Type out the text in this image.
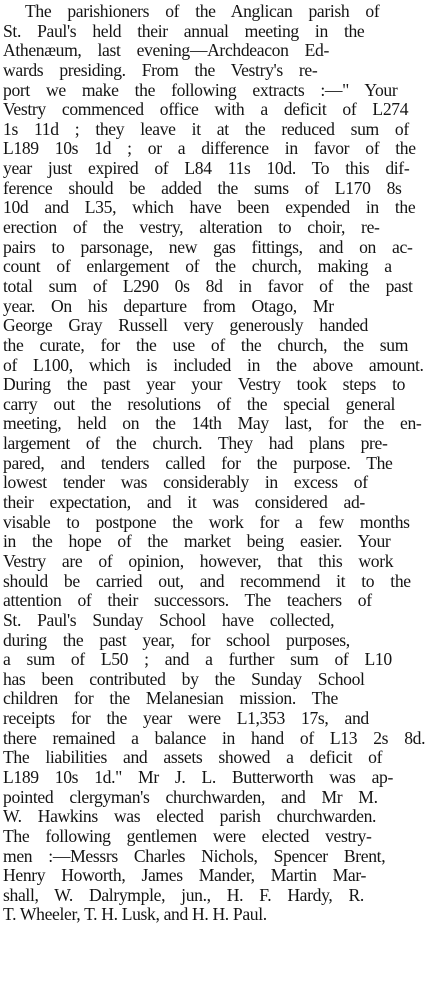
The parishioners of the Anglican parish of
St. Paul's held their annual meeting in the
Athenæum, last evening—Archdeacon Ed-
wards presiding. From the Vestry's re-
port we make the following extracts :—" Your
Vestry commenced office with a deficit of L274
1s 11d ; they leave it at the reduced sum of
L189 10s 1d ; or a difference in favor of the
year just expired of L84 11s 10d. To this dif-
ference should be added the sums of L170 8s
10d and L35, which have been expended in the
erection of the vestry, alteration to choir, re-
pairs to parsonage, new gas fittings, and on ac-
count of enlargement of the church, making a
total sum of L290 0s 8d in favor of the past
year. On his departure from Otago, Mr
George Gray Russell very generously handed
the curate, for the use of the church, the sum
of L100, which is included in the above amount.
During the past year your Vestry took steps to
carry out the resolutions of the special general
meeting, held on the 14th May last, for the en-
largement of the church. They had plans pre-
pared, and tenders called for the purpose. The
lowest tender was considerably in excess of
their expectation, and it was considered ad-
visable to postpone the work for a few months
in the hope of the market being easier. Your
Vestry are of opinion, however, that this work
should be carried out, and recommend it to the
attention of their successors. The teachers of
St. Paul's Sunday School have collected,
during the past year, for school purposes,
a sum of L50 ; and a further sum of L10
has been contributed by the Sunday School
children for the Melanesian mission. The
receipts for the year were L1,353 17s, and
there remained a balance in hand of L13 2s 8d.
The liabilities and assets showed a deficit of
L189 10s 1d." Mr J. L. Butterworth was ap-
pointed clergyman's churchwarden, and Mr M.
W. Hawkins was elected parish churchwarden.
The following gentlemen were elected vestry-
men :—Messrs Charles Nichols, Spencer Brent,
Henry Howorth, James Mander, Martin Mar-
shall, W. Dalrymple, jun., H. F. Hardy, R.
T. Wheeler, T. H. Lusk, and H. H. Paul.
